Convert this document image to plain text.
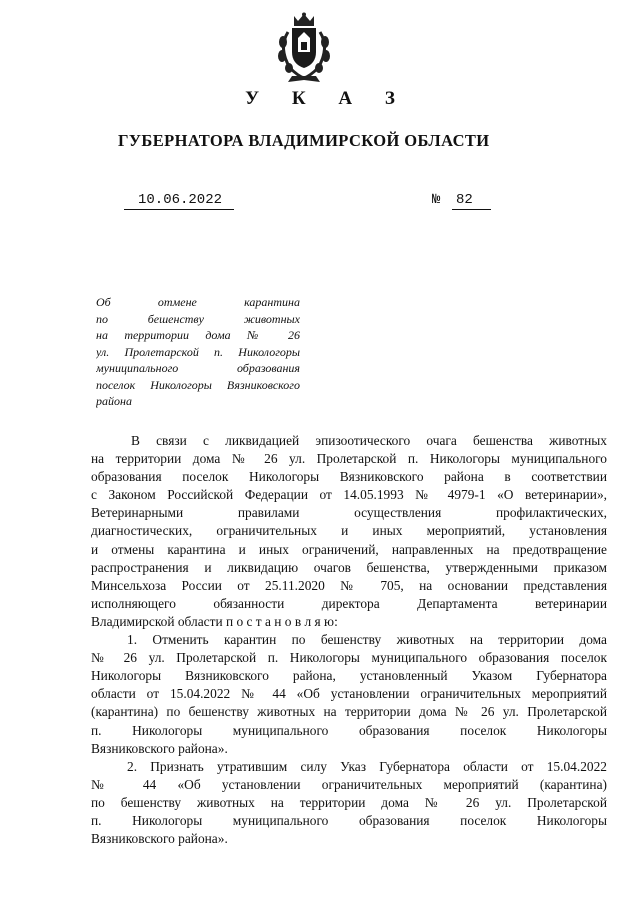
У К А З
ГУБЕРНАТОРА ВЛАДИМИРСКОЙ ОБЛАСТИ
10.06.2022	№ 82
Об отмене карантина
по бешенству животных
на территории дома № 26
ул. Пролетарской п. Никологоры
муниципального образования
поселок Никологоры Вязниковского
района
В связи с ликвидацией эпизоотического очага бешенства животных
на территории дома № 26 ул. Пролетарской п. Никологоры муниципального
образования поселок Никологоры Вязниковского района в соответствии
с Законом Российской Федерации от 14.05.1993 № 4979-1 «О ветеринарии»,
Ветеринарными правилами осуществления профилактических,
диагностических, ограничительных и иных мероприятий, установления
и отмены карантина и иных ограничений, направленных на предотвращение
распространения и ликвидацию очагов бешенства, утвержденными приказом
Минсельхоза России от 25.11.2020 № 705, на основании представления
исполняющего обязанности директора Департамента ветеринарии
Владимирской области п о с т а н о в л я ю:
1. Отменить карантин по бешенству животных на территории дома
№ 26 ул. Пролетарской п. Никологоры муниципального образования поселок
Никологоры Вязниковского района, установленный Указом Губернатора
области от 15.04.2022 № 44 «Об установлении ограничительных мероприятий
(карантина) по бешенству животных на территории дома № 26 ул. Пролетарской
п. Никологоры муниципального образования поселок Никологоры
Вязниковского района».
2. Признать утратившим силу Указ Губернатора области от 15.04.2022
№ 44 «Об установлении ограничительных мероприятий (карантина)
по бешенству животных на территории дома № 26 ул. Пролетарской
п. Никологоры муниципального образования поселок Никологоры
Вязниковского района».
